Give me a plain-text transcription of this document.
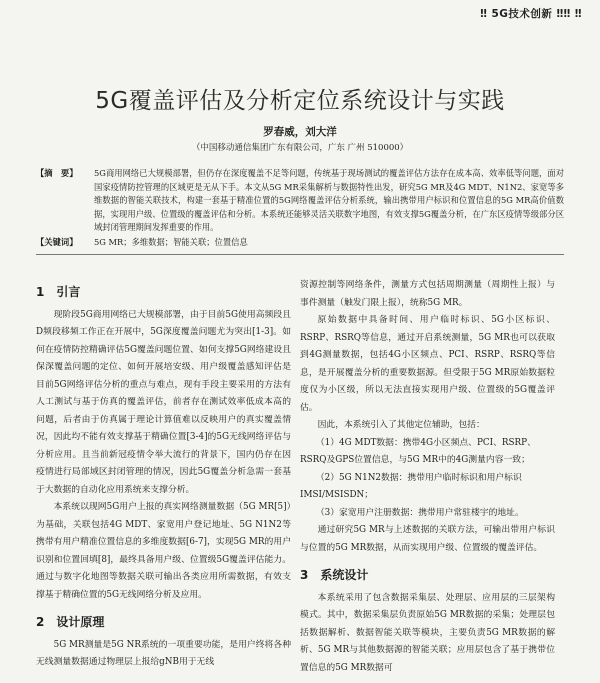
‼ 5G技术创新 ‼‼ ‼
5G覆盖评估及分析定位系统设计与实践
罗春威，刘大洋
（中国移动通信集团广东有限公司，广东 广州 510000）
【摘　要】	5G商用网络已大规模部署，但仍存在深度覆盖不足等问题，传统基于现场测试的覆盖评估方法存在成本高、效率低等问题，面对国家疫情防控管理的区域更是无从下手。本文从5G MR采集解析与数据特性出发，研究5G MR及4G MDT、N1N2、家宽等多维数据的智能关联技术，构建一套基于精准位置的5G网络覆盖评估分析系统，输出携带用户标识和位置信息的5G MR高价值数据，实现用户级、位置级的覆盖评估和分析。本系统还能够灵活关联数字地图，有效支撑5G覆盖分析，在广东区疫情等级部分区域封闭管理期间发挥重要的作用。
【关键词】	5G MR；多维数据；智能关联；位置信息
1　引言

现阶段5G商用网络已大规模部署，由于目前5G使用高频段且D频段移频工作正在开展中，5G深度覆盖问题尤为突出[1-3]。如何在疫情防控精确评估5G覆盖问题位置、如何支撑5G网络建设且保深覆盖问题的定位、如何开展培安级、用户级覆盖感知评估是目前5G网络评估分析的重点与难点，现有手段主要采用的方法有人工测试与基于仿真的覆盖评估，前者存在测试效率低成本高的问题，后者由于仿真属于理论计算值难以反映用户的真实覆盖情况，因此均不能有效支撑基于精确位置[3-4]的5G无线网络评估与分析应用。且当前新冠疫情令举大流行的背景下，国内仍存在因疫情进行局部域区封闭管理的情况，因此5G覆盖分析急需一套基于大数据的自动化应用系统来支撑分析。

本系统以现网5G用户上报的真实网络测量数据（5G MR[5]）为基础，关联包括4G MDT、家宽用户登记地址、5G N1N2等携带有用户精准位置信息的多维度数据[6-7]，实现5G MR的用户识别和位置回填[8]，最终具备用户级、位置级5G覆盖评估能力。通过与数字化地图等数据关联可输出各类应用所需数据，有效支撑基于精确位置的5G无线网络分析及应用。

2　设计原理

5G MR测量是5G NR系统的一项重要功能，是用户终将各种无线测量数据通过物理层上报给gNB用于无线

资源控制等网络条件，测量方式包括周期测量（周期性上报）与事件测量（触发门限上报），统称5G MR。

原始数据中具备时间、用户临时标识、5G小区标识、RSRP、RSRQ等信息，通过开启系统测量，5G MR也可以获取到4G测量数据，包括4G小区频点、PCI、RSRP、RSRQ等信息，是开展覆盖分析的重要数据源。但受限于5G MR原始数据粒度仅为小区级，所以无法直接实现用户级、位置级的5G覆盖评估。

因此，本系统引入了其他定位辅助，包括：

（1）4G MDT数据：携带4G小区频点、PCI、RSRP、RSRQ及GPS位置信息，与5G MR中的4G测量内容一致；

（2）5G N1N2数据：携带用户临时标识和用户标识IMSI/MSISDN；

（3）家宽用户注册数据：携带用户常驻楼宇的地址。

通过研究5G MR与上述数据的关联方法，可输出带用户标识与位置的5G MR数据，从而实现用户级、位置级的覆盖评估。

3　系统设计

本系统采用了包含数据采集层、处理层、应用层的三层架构模式。其中，数据采集层负责原始5G MR数据的采集；处理层包括数据解析、数据智能关联等模块，主要负责5G MR数据的解析、5G MR与其他数据源的智能关联；应用层包含了基于携带位置信息的5G MR数据可
